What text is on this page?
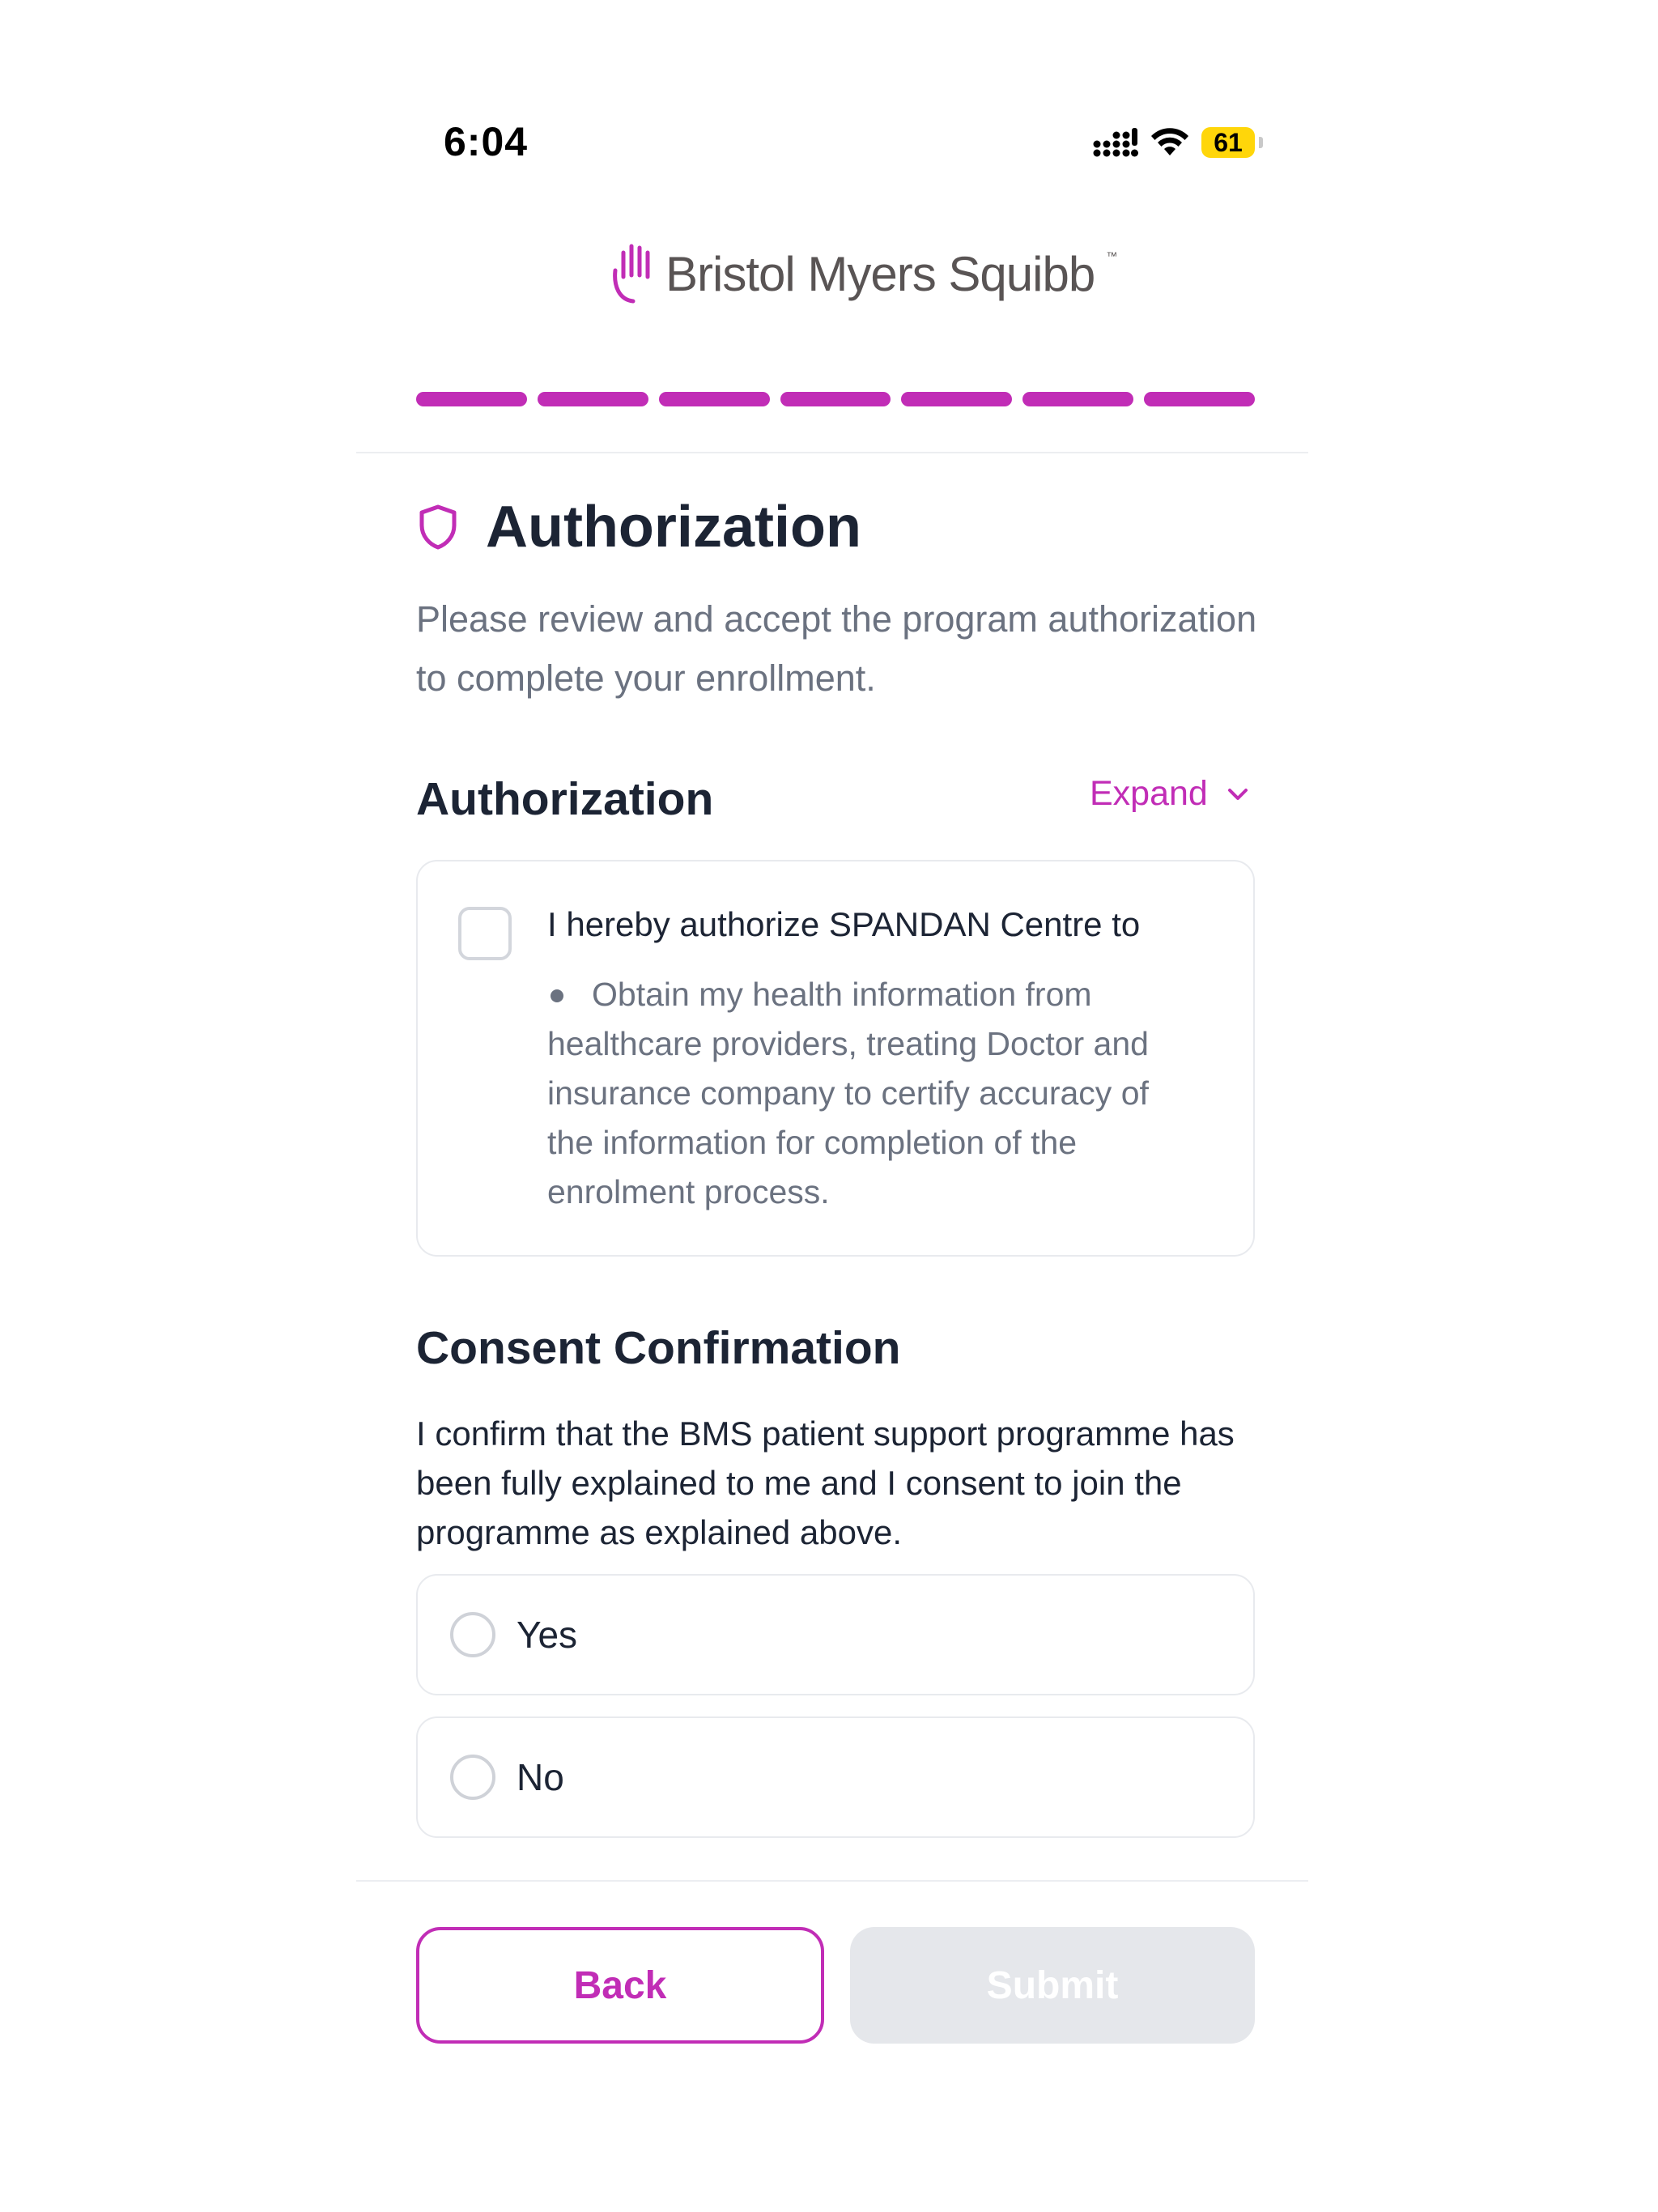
6:04	61
Bristol Myers Squibb ™
Authorization
Please review and accept the program authorization to complete your enrollment.
Authorization	Expand
I hereby authorize SPANDAN Centre to
Obtain my health information from healthcare providers, treating Doctor and insurance company to certify accuracy of the information for completion of the enrolment process.
Consent Confirmation
I confirm that the BMS patient support programme has been fully explained to me and I consent to join the programme as explained above.
Yes
No
Back	Submit
